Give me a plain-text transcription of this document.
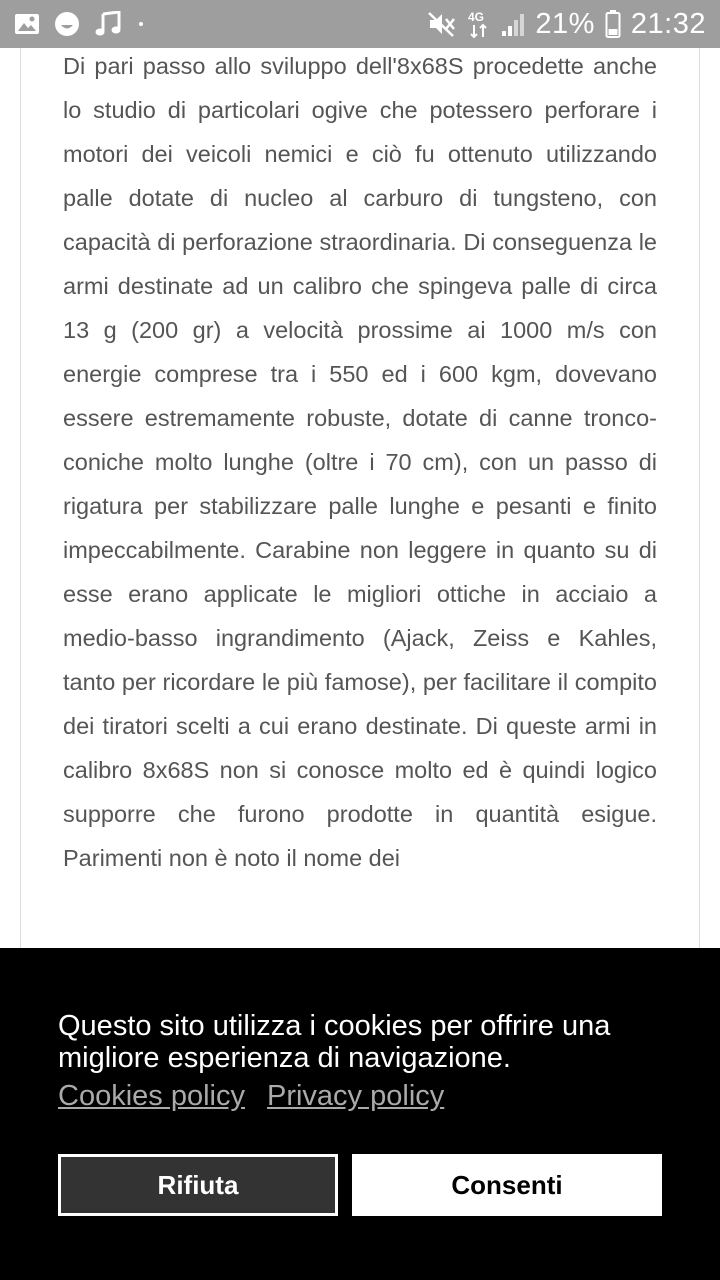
4G 21% 21:32

Di pari passo allo sviluppo dell'8x68S procedette anche lo studio di particolari ogive che potessero perforare i motori dei veicoli nemici e ciò fu ottenuto utilizzando palle dotate di nucleo al carburo di tungsteno, con capacità di perforazione straordinaria. Di conseguenza le armi destinate ad un calibro che spingeva palle di circa 13 g (200 gr) a velocità prossime ai 1000 m/s con energie comprese tra i 550 ed i 600 kgm, dovevano essere estremamente robuste, dotate di canne tronco-coniche molto lunghe (oltre i 70 cm), con un passo di rigatura per stabilizzare palle lunghe e pesanti e finito impeccabilmente. Carabine non leggere in quanto su di esse erano applicate le migliori ottiche in acciaio a medio-basso ingrandimento (Ajack, Zeiss e Kahles, tanto per ricordare le più famose), per facilitare il compito dei tiratori scelti a cui erano destinate. Di queste armi in calibro 8x68S non si conosce molto ed è quindi logico supporre che furono prodotte in quantità esigue. Parimenti non è noto il nome dei

Questo sito utilizza i cookies per offrire una migliore esperienza di navigazione.

Cookies policy Privacy policy
Rifiuta	Consenti
